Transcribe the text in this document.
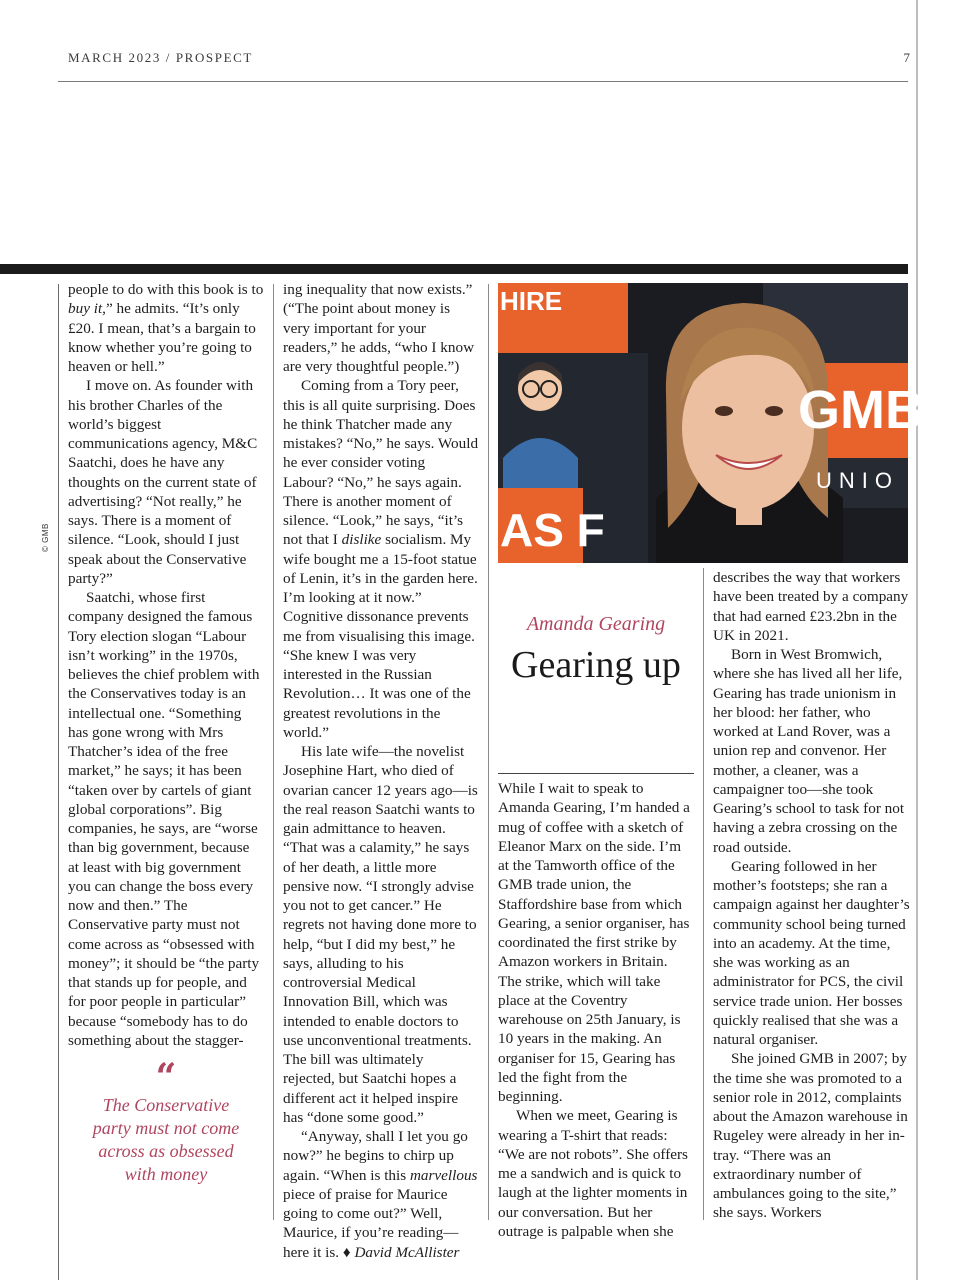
MARCH 2023 / PROSPECT	7
© GMB

people to do with this book is to buy it,” he admits. “It’s only £20. I mean, that’s a bargain to know whether you’re going to heaven or hell.”

I move on. As founder with his brother Charles of the world’s biggest communications agency, M&C Saatchi, does he have any thoughts on the current state of advertising? “Not really,” he says. There is a moment of silence. “Look, should I just speak about the Conservative party?”

Saatchi, whose first company designed the famous Tory election slogan “Labour isn’t working” in the 1970s, believes the chief problem with the Conservatives today is an intellectual one. “Something has gone wrong with Mrs Thatcher’s idea of the free market,” he says; it has been “taken over by cartels of giant global corporations”. Big companies, he says, are “worse than big government, because at least with big government you can change the boss every now and then.” The Conservative party must not come across as “obsessed with money”; it should be “the party that stands up for people, and for poor people in particular” because “somebody has to do something about the stagger-

“
The Conservative party must not come across as obsessed with money

ing inequality that now exists.” (“The point about money is very important for your readers,” he adds, “who I know are very thoughtful people.”)

Coming from a Tory peer, this is all quite surprising. Does he think Thatcher made any mistakes? “No,” he says. Would he ever consider voting Labour? “No,” he says again. There is another moment of silence. “Look,” he says, “it’s not that I dislike socialism. My wife bought me a 15-foot statue of Lenin, it’s in the garden here. I’m looking at it now.” Cognitive dissonance prevents me from visualising this image. “She knew I was very interested in the Russian Revolution… It was one of the greatest revolutions in the world.”

His late wife—the novelist Josephine Hart, who died of ovarian cancer 12 years ago—is the real reason Saatchi wants to gain admittance to heaven. “That was a calamity,” he says of her death, a little more pensive now. “I strongly advise you not to get cancer.” He regrets not having done more to help, “but I did my best,” he says, alluding to his controversial Medical Innovation Bill, which was intended to enable doctors to use unconventional treatments. The bill was ultimately rejected, but Saatchi hopes a different act it helped inspire has “done some good.”

“Anyway, shall I let you go now?” he begins to chirp up again. “When is this marvellous piece of praise for Maurice going to come out?” Well, Maurice, if you’re reading—here it is. ♦ David McAllister

HIRE
GMB
UNIO
AS F
Amanda Gearing
Gearing up

While I wait to speak to Amanda Gearing, I’m handed a mug of coffee with a sketch of Eleanor Marx on the side. I’m at the Tamworth office of the GMB trade union, the Staffordshire base from which Gearing, a senior organiser, has coordinated the first strike by Amazon workers in Britain. The strike, which will take place at the Coventry warehouse on 25th January, is 10 years in the making. An organiser for 15, Gearing has led the fight from the beginning.

When we meet, Gearing is wearing a T-shirt that reads: “We are not robots”. She offers me a sandwich and is quick to laugh at the lighter moments in our conversation. But her outrage is palpable when she

describes the way that workers have been treated by a company that had earned £23.2bn in the UK in 2021.

Born in West Bromwich, where she has lived all her life, Gearing has trade unionism in her blood: her father, who worked at Land Rover, was a union rep and convenor. Her mother, a cleaner, was a campaigner too—she took Gearing’s school to task for not having a zebra crossing on the road outside.

Gearing followed in her mother’s footsteps; she ran a campaign against her daughter’s community school being turned into an academy. At the time, she was working as an administrator for PCS, the civil service trade union. Her bosses quickly realised that she was a natural organiser.

She joined GMB in 2007; by the time she was promoted to a senior role in 2012, complaints about the Amazon warehouse in Rugeley were already in her in-tray. “There was an extraordinary number of ambulances going to the site,” she says. Workers
